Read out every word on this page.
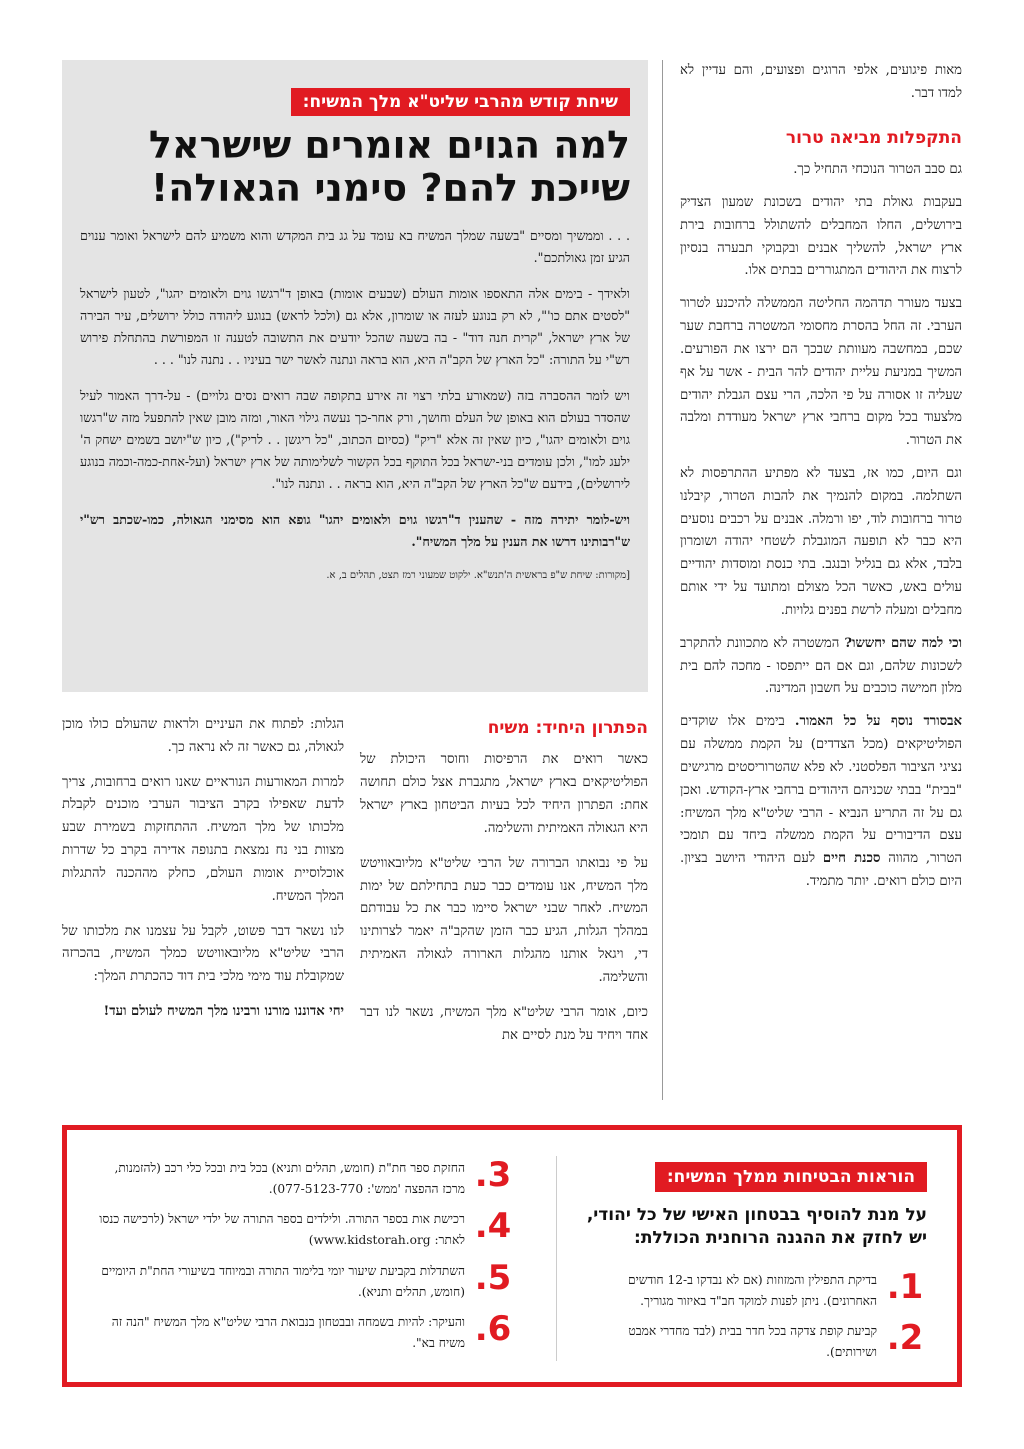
מאות פיגועים, אלפי הרוגים ופצועים, והם עדיין לא למדו דבר.

התקפלות מביאה טרור

גם סבב הטרור הנוכחי התחיל כך.

בעקבות גאולת בתי יהודים בשכונת שמעון הצדיק בירושלים, החלו המחבלים להשתולל ברחובות בירת ארץ ישראל, להשליך אבנים ובקבוקי תבערה בנסיון לרצוח את היהודים המתגוררים בבתים אלו.

בצעד מעורר תדהמה החליטה הממשלה להיכנע לטרור הערבי. זה החל בהסרת מחסומי המשטרה ברחבת שער שכם, במחשבה מעוותת שבכך הם ירצו את הפורעים. המשיך במניעת עליית יהודים להר הבית - אשר על אף שעליה זו אסורה על פי הלכה, הרי עצם הגבלת יהודים מלצעוד בכל מקום ברחבי ארץ ישראל מעודדת ומלבה את הטרור.

וגם היום, כמו אז, בצעד לא מפתיע ההתרפסות לא השתלמה. במקום להנמיך את להבות הטרור, קיבלנו טרור ברחובות לוד, יפו ורמלה. אבנים על רכבים נוסעים היא כבר לא תופעה המוגבלת לשטחי יהודה ושומרון בלבד, אלא גם בגליל ובנגב. בתי כנסת ומוסדות יהודיים עולים באש, כאשר הכל מצולם ומתועד על ידי אותם מחבלים ומעלה לרשת בפנים גלויות.

וכי למה שהם יחששו? המשטרה לא מתכוונת להתקרב לשכונות שלהם, וגם אם הם ייתפסו - מחכה להם בית מלון חמישה כוכבים על חשבון המדינה.

אבסורד נוסף על כל האמור. בימים אלו שוקדים הפוליטיקאים (מכל הצדדים) על הקמת ממשלה עם נציגי הציבור הפלסטני. לא פלא שהטרוריסטים מרגישים "בבית" בבתי שכניהם היהודים ברחבי ארץ-הקודש. ואכן גם על זה התריע הנביא - הרבי שליט"א מלך המשיח: עצם הדיבורים על הקמת ממשלה ביחד עם תומכי הטרור, מהווה סכנת חיים לעם היהודי היושב בציון. היום כולם רואים. יותר מתמיד.

שיחת קודש מהרבי שליט"א מלך המשיח:
למה הגוים אומרים שישראל שייכת להם? סימני הגאולה!

. . . וממשיך ומסיים "בשעה שמלך המשיח בא עומד על גג בית המקדש והוא משמיע להם לישראל ואומר ענוים הגיע זמן גאולתכם".

ולאידך - בימים אלה התאספו אומות העולם (שבעים אומות) באופן ד"רגשו גוים ולאומים יהגו", לטעון לישראל "לסטים אתם כו'", לא רק בנוגע לעזה או שומרון, אלא גם (ולכל לראש) בנוגע ליהודה כולל ירושלים, עיר הבירה של ארץ ישראל, "קרית חנה דוד" - בה בשעה שהכל יודעים את התשובה לטענה זו המפורשת בהתחלת פירוש רש"י על התורה: "כל הארץ של הקב"ה היא, הוא בראה ונתנה לאשר ישר בעיניו . . נתנה לנו" . . .

ויש לומר ההסברה בזה (שמאורע בלתי רצוי זה אירע בתקופה שבה רואים נסים גלויים) - על-דרך האמור לעיל שהסדר בעולם הוא באופן של העלם וחושך, ורק אחר-כך נעשה גילוי האור, ומזה מובן שאין להתפעל מזה ש"רגשו גוים ולאומים יהגו", כיון שאין זה אלא "ריק" (כסיום הכתוב, "כל ריגשן . . לריק"), כיון ש"יושב בשמים ישחק ה' ילעג למו", ולכן עומדים בני-ישראל בכל התוקף בכל הקשור לשלימותה של ארץ ישראל (ועל-אחת-כמה-וכמה בנוגע לירושלים), בידעם ש"כל הארץ של הקב"ה היא, הוא בראה . . ונתנה לנו".

ויש-לומר יתירה מזה - שהענין ד"רגשו גוים ולאומים יהגו" גופא הוא מסימני הגאולה, כמו-שכתב רש"י ש"רבותינו דרשו את הענין על מלך המשיח".

[מקורות: שיחת ש"פ בראשית ה'תנש"א. ילקוט שמעוני רמז תצט, תהלים ב, א.

הפתרון היחיד: משיח

כאשר רואים את הרפיסות וחוסר היכולת של הפוליטיקאים בארץ ישראל, מתגברת אצל כולם תחושה אחת: הפתרון היחיד לכל בעיות הביטחון בארץ ישראל היא הגאולה האמיתית והשלימה.

על פי נבואתו הברורה של הרבי שליט"א מליובאוויטש מלך המשיח, אנו עומדים כבר כעת בתחילתם של ימות המשיח. לאחר שבני ישראל סיימו כבר את כל עבודתם במהלך הגלות, הגיע כבר הזמן שהקב"ה יאמר לצרותינו די, ויגאל אותנו מהגלות הארורה לגאולה האמיתית והשלימה.

כיום, אומר הרבי שליט"א מלך המשיח, נשאר לנו דבר אחד ויחיד על מנת לסיים את

הגלות: לפתוח את העיניים ולראות שהעולם כולו מוכן לגאולה, גם כאשר זה לא נראה כך.

למרות המאורעות הנוראיים שאנו רואים ברחובות, צריך לדעת שאפילו בקרב הציבור הערבי מוכנים לקבלת מלכותו של מלך המשיח. ההתחזקות בשמירת שבע מצוות בני נח נמצאת בתנופה אדירה בקרב כל שדרות אוכלוסיית אומות העולם, כחלק מההכנה להתגלות המלך המשיח.

לנו נשאר דבר פשוט, לקבל על עצמנו את מלכותו של הרבי שליט"א מליובאוויטש כמלך המשיח, בהכרזה שמקובלת עוד מימי מלכי בית דוד כהכתרת המלך:

יחי אדוננו מורנו ורבינו מלך המשיח לעולם ועד!

הוראות הבטיחות ממלך המשיח:
על מנת להוסיף בבטחון האישי של כל יהודי, יש לחזק את ההגנה הרוחנית הכוללת:
1.
בדיקת התפילין והמזוזות (אם לא נבדקו ב-12 חודשים האחרונים). ניתן לפנות למוקד חב"ד באיזור מגוריך.
2.
קביעת קופת צדקה בכל חדר בבית (לבד מחדרי אמבט ושירותים).
3.
החזקת ספר חת"ת (חומש, תהלים ותניא) בכל בית ובכל כלי רכב (להזמנות, מרכז ההפצה 'ממש': 077-5123-770).
4.
רכישת אות בספר התורה. ולילדים בספר התורה של ילדי ישראל (לרכישה כנסו לאתר: www.kidstorah.org)
5.
השתדלות בקביעת שיעור יומי בלימוד התורה ובמיוחד בשיעורי החת"ת היומיים (חומש, תהלים ותניא).
6.
והעיקר: להיות בשמחה ובבטחון בנבואת הרבי שליט"א מלך המשיח "הנה זה משיח בא".
